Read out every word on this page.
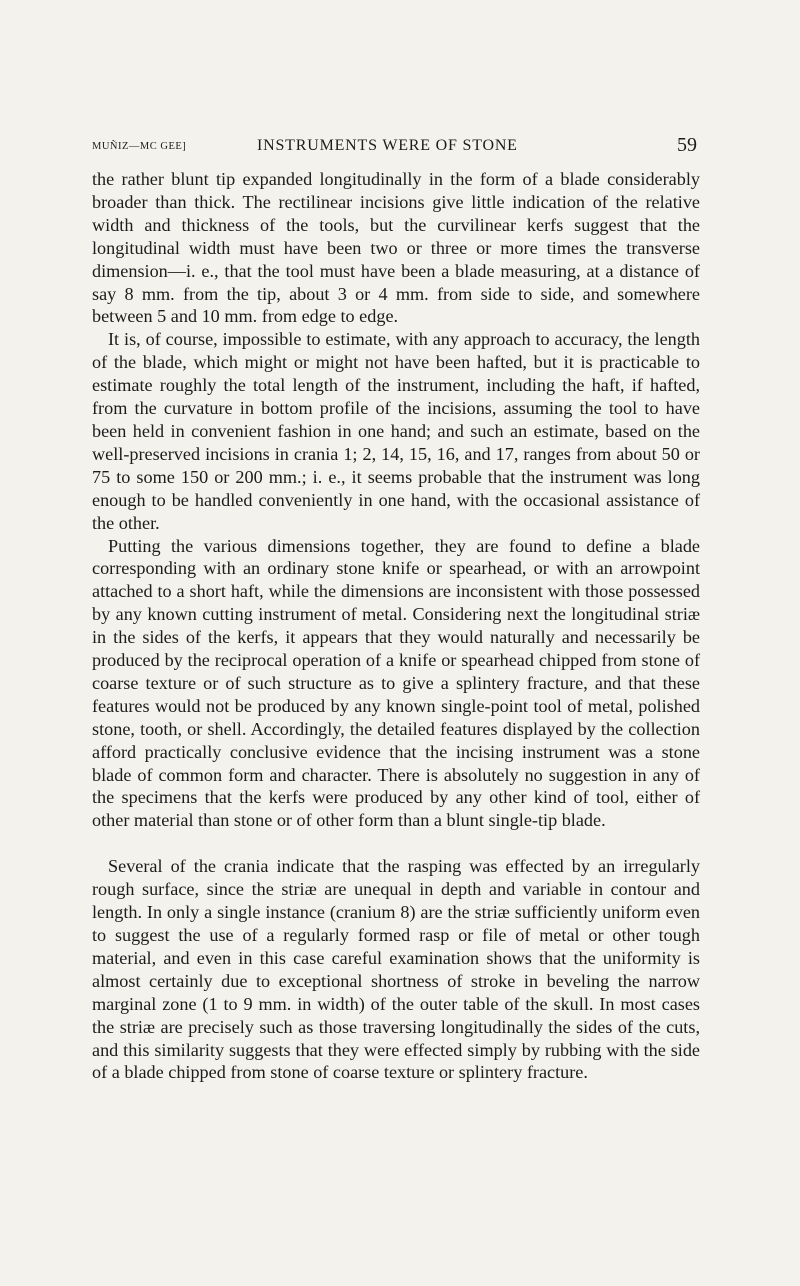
MUÑIZ—MC GEE]	INSTRUMENTS WERE OF STONE	59

the rather blunt tip expanded longitudinally in the form of a blade considerably broader than thick. The rectilinear incisions give little indication of the relative width and thickness of the tools, but the curvilinear kerfs suggest that the longitudinal width must have been two or three or more times the transverse dimension—i. e., that the tool must have been a blade measuring, at a distance of say 8 mm. from the tip, about 3 or 4 mm. from side to side, and somewhere between 5 and 10 mm. from edge to edge.

It is, of course, impossible to estimate, with any approach to accuracy, the length of the blade, which might or might not have been hafted, but it is practicable to estimate roughly the total length of the instrument, including the haft, if hafted, from the curvature in bottom profile of the incisions, assuming the tool to have been held in convenient fashion in one hand; and such an estimate, based on the well-preserved incisions in crania 1; 2, 14, 15, 16, and 17, ranges from about 50 or 75 to some 150 or 200 mm.; i. e., it seems probable that the instrument was long enough to be handled conveniently in one hand, with the occasional assistance of the other.

Putting the various dimensions together, they are found to define a blade corresponding with an ordinary stone knife or spearhead, or with an arrowpoint attached to a short haft, while the dimensions are inconsistent with those possessed by any known cutting instrument of metal. Considering next the longitudinal striæ in the sides of the kerfs, it appears that they would naturally and necessarily be produced by the reciprocal operation of a knife or spearhead chipped from stone of coarse texture or of such structure as to give a splintery fracture, and that these features would not be produced by any known single-point tool of metal, polished stone, tooth, or shell. Accordingly, the detailed features displayed by the collection afford practically conclusive evidence that the incising instrument was a stone blade of common form and character. There is absolutely no suggestion in any of the specimens that the kerfs were produced by any other kind of tool, either of other material than stone or of other form than a blunt single-tip blade.

Several of the crania indicate that the rasping was effected by an irregularly rough surface, since the striæ are unequal in depth and variable in contour and length. In only a single instance (cranium 8) are the striæ sufficiently uniform even to suggest the use of a regularly formed rasp or file of metal or other tough material, and even in this case careful examination shows that the uniformity is almost certainly due to exceptional shortness of stroke in beveling the narrow marginal zone (1 to 9 mm. in width) of the outer table of the skull. In most cases the striæ are precisely such as those traversing longitudinally the sides of the cuts, and this similarity suggests that they were effected simply by rubbing with the side of a blade chipped from stone of coarse texture or splintery fracture.
